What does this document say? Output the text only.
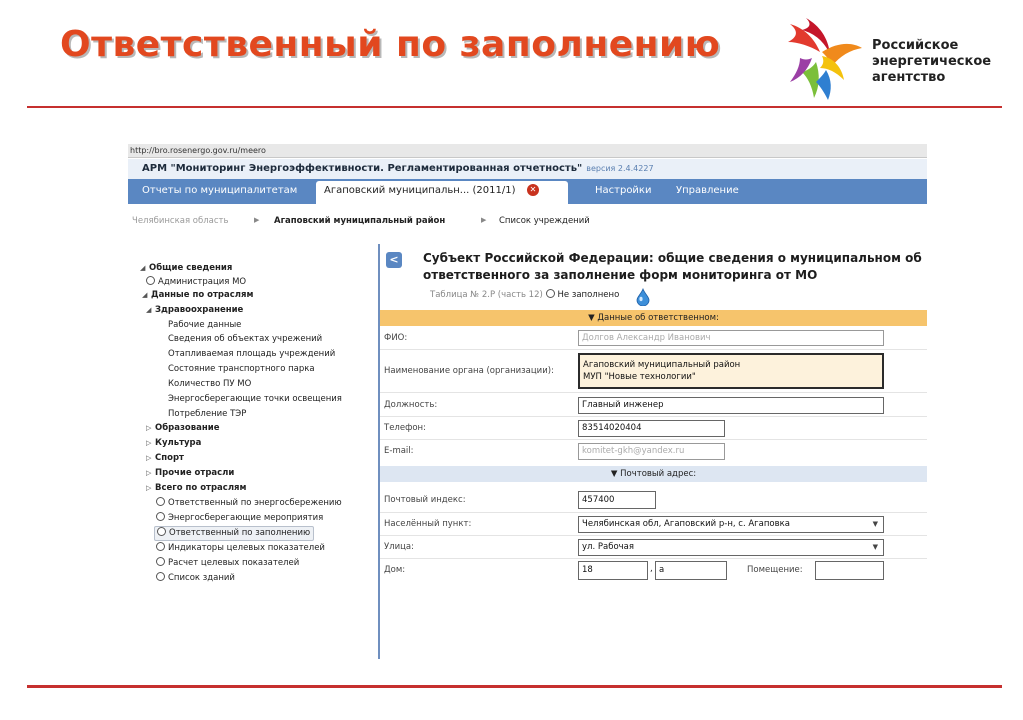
Ответственный по заполнению	Российское
энергетическое
агентство
http://bro.rosenergo.gov.ru/meero
АРМ "Мониторинг Энергоэффективности. Регламентированная отчетность" версия 2.4.4227
Отчеты по муниципалитетам	Агаповский муниципальн... (2011/1)	✕	Настройки Управление
Челябинская область	▶ Агаповский муниципальный район	▶ Список учреждений
◢ Общие сведения
Администрация МО
◢ Данные по отраслям
◢ Здравоохранение
Рабочие данные
Сведения об объектах учрежений
Отапливаемая площадь учреждений
Состояние транспортного парка
Количество ПУ МО
Энергосберегающие точки освещения
Потребление ТЭР
▷ Образование
▷ Культура
▷ Спорт
▷ Прочие отрасли
▷ Всего по отраслям
Ответственный по энергосбережению
Энергосберегающие мероприятия
Ответственный по заполнению
Индикаторы целевых показателей
Расчет целевых показателей
Список зданий
< Субъект Российской Федерации: общие сведения о муниципальном об
ответственного за заполнение форм мониторинга от МО
Таблица № 2.Р (часть 12) Не заполнено
▼ Данные об ответственном:
ФИО:	Долгов Александр Иванович
Наименование органа (организации):
Агаповский муниципальный район
МУП "Новые технологии"
Должность:	Главный инженер
Телефон:	83514020404
E-mail:	komitet-gkh@yandex.ru
▼ Почтовый адрес:
Почтовый индекс:	457400
Населённый пункт:	Челябинская обл, Агаповский р-н, с. Агаповка	▼
Улица:	ул. Рабочая	▼
Дом:	18	, а	Помещение:
